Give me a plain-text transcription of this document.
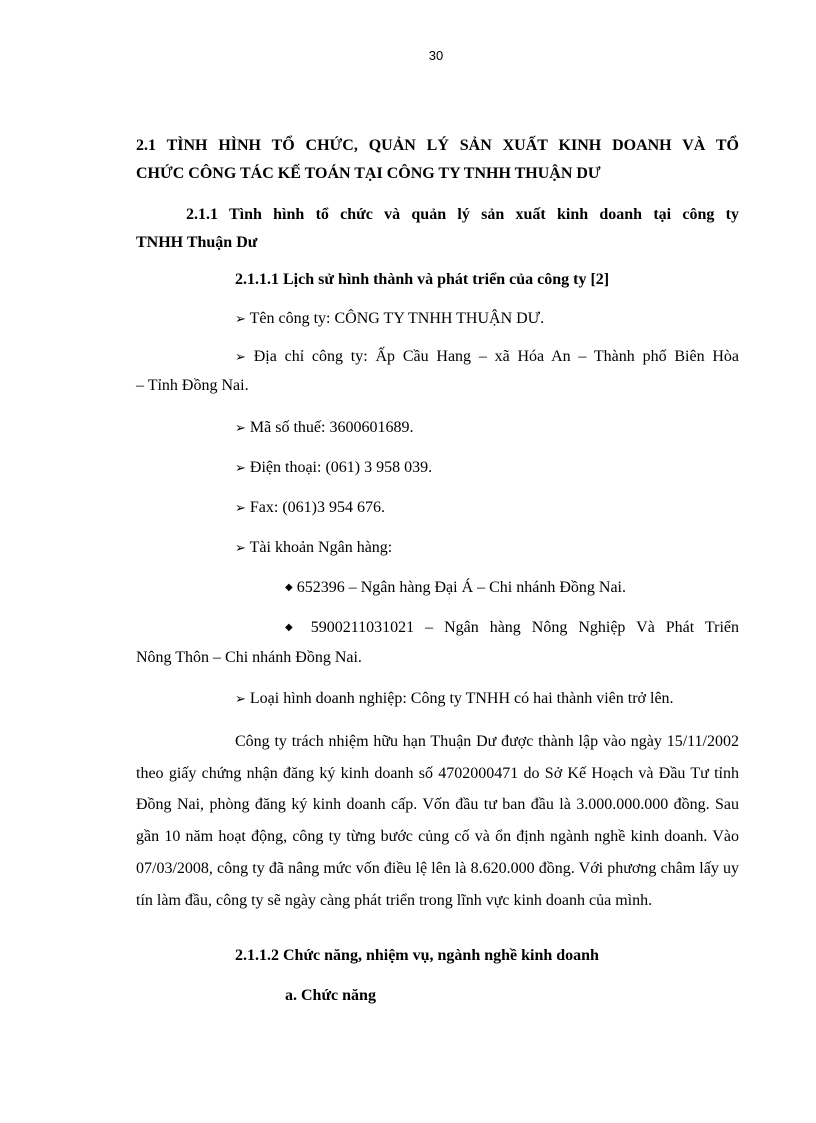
30
2.1 TÌNH HÌNH TỔ CHỨC, QUẢN LÝ SẢN XUẤT KINH DOANH VÀ TỔ
CHỨC CÔNG TÁC KẾ TOÁN TẠI CÔNG TY TNHH THUẬN DƯ
2.1.1 Tình hình tổ chức và quản lý sản xuất kinh doanh tại công ty
TNHH Thuận Dư
2.1.1.1 Lịch sử hình thành và phát triển của công ty [2]
➢ Tên công ty: CÔNG TY TNHH THUẬN DƯ.
➢ Địa chỉ công ty: Ấp Cầu Hang – xã Hóa An – Thành phố Biên Hòa
– Tỉnh Đồng Nai.
➢ Mã số thuế: 3600601689.
➢ Điện thoại: (061) 3 958 039.
➢ Fax: (061)3 954 676.
➢ Tài khoản Ngân hàng:
◆ 652396 – Ngân hàng Đại Á – Chi nhánh Đồng Nai.
◆ 5900211031021 – Ngân hàng Nông Nghiệp Và Phát Triển
Nông Thôn – Chi nhánh Đồng Nai.
➢ Loại hình doanh nghiệp: Công ty TNHH có hai thành viên trở lên.

Công ty trách nhiệm hữu hạn Thuận Dư được thành lập vào ngày 15/11/2002 theo giấy chứng nhận đăng ký kinh doanh số 4702000471 do Sở Kế Hoạch và Đầu Tư tỉnh Đồng Nai, phòng đăng ký kinh doanh cấp. Vốn đầu tư ban đầu là 3.000.000.000 đồng. Sau gần 10 năm hoạt động, công ty từng bước củng cố và ổn định ngành nghề kinh doanh. Vào 07/03/2008, công ty đã nâng mức vốn điều lệ lên là 8.620.000 đồng. Với phương châm lấy uy tín làm đầu, công ty sẽ ngày càng phát triển trong lĩnh vực kinh doanh của mình.

2.1.1.2 Chức năng, nhiệm vụ, ngành nghề kinh doanh
a. Chức năng
